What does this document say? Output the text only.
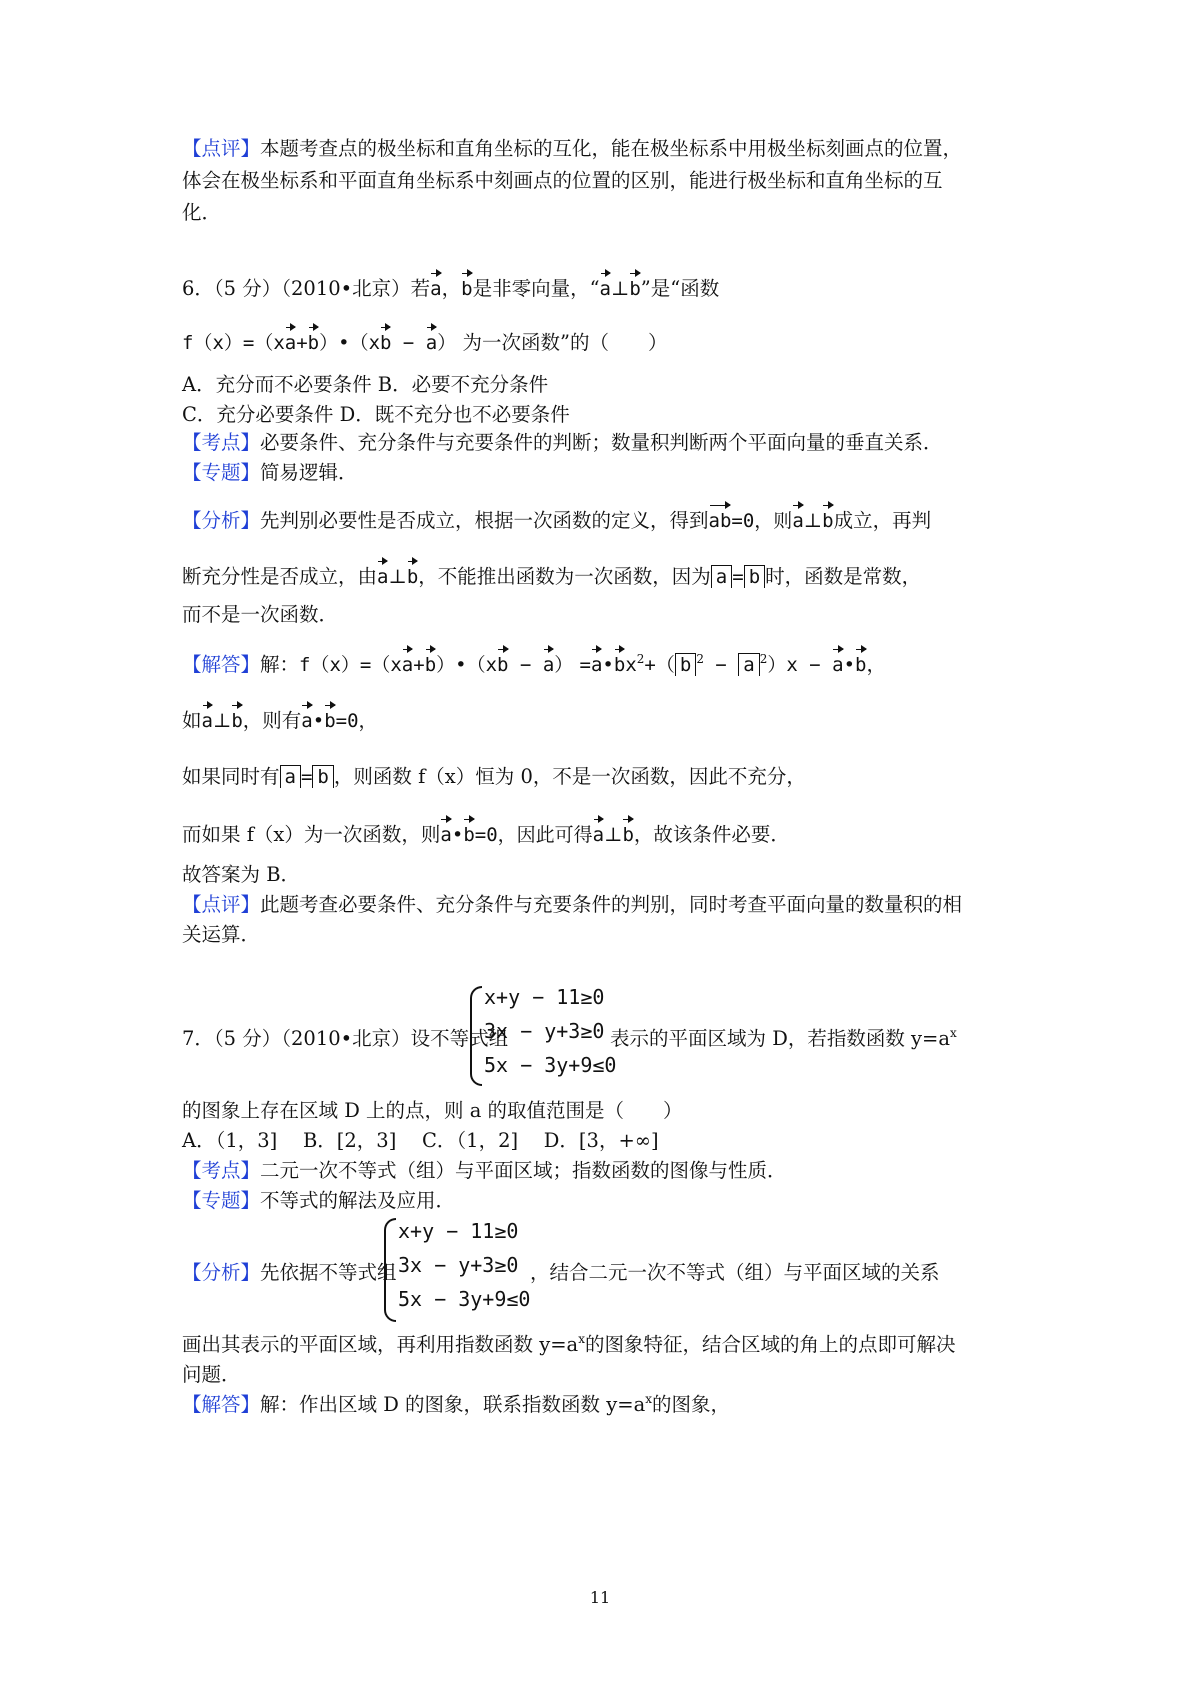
【点评】本题考查点的极坐标和直角坐标的互化，能在极坐标系中用极坐标刻画点的位置，
体会在极坐标系和平面直角坐标系中刻画点的位置的区别，能进行极坐标和直角坐标的互
化．
6．（5 分）（2010•北京）若a，b是非零向量，“a⊥b”是“函数
f（x）=（xa+b）•（xb − a） 为一次函数”的（　　）
A．充分而不必要条件 B．必要不充分条件
C．充分必要条件 D．既不充分也不必要条件
【考点】必要条件、充分条件与充要条件的判断；数量积判断两个平面向量的垂直关系．
【专题】简易逻辑．
【分析】先判别必要性是否成立，根据一次函数的定义，得到ab=0，则a⊥b成立，再判
断充分性是否成立，由a⊥b，不能推出函数为一次函数，因为 a = b 时，函数是常数，
而不是一次函数．
【解答】解：f（x）=（xa+b）•（xb − $a) =a•bx^2+$（ b $^2$ − a $^2$）x − a•b，
如a⊥b，则有a•b=0，
如果同时有 a = b ，则函数 f（x）恒为 0，不是一次函数，因此不充分，
而如果 f（x）为一次函数，则a•b=0，因此可得a⊥b，故该条件必要．
故答案为 B．
【点评】此题考查必要条件、充分条件与充要条件的判别，同时考查平面向量的数量积的相
关运算．
7．（5 分）（2010•北京）设不等式组
x+y − 11≥0
3x − y+3≥0
5x − 3y+9≤0
表示的平面区域为 D，若指数函数 $y=a^x$
的图象上存在区域 D 上的点，则 a 的取值范围是（　　）
A．（1，3]　 B．[2，3]　 C．（1，2]　 D．[3，+∞]
【考点】二元一次不等式（组）与平面区域；指数函数的图像与性质．
【专题】不等式的解法及应用．
【分析】先依据不等式组
x+y − 11≥0
3x − y+3≥0
5x − 3y+9≤0
，结合二元一次不等式（组）与平面区域的关系
画出其表示的平面区域，再利用指数函数 $y=a^x$的图象特征，结合区域的角上的点即可解决
问题．
【解答】解：作出区域 D 的图象，联系指数函数 $y=a^x$的图象，
11
